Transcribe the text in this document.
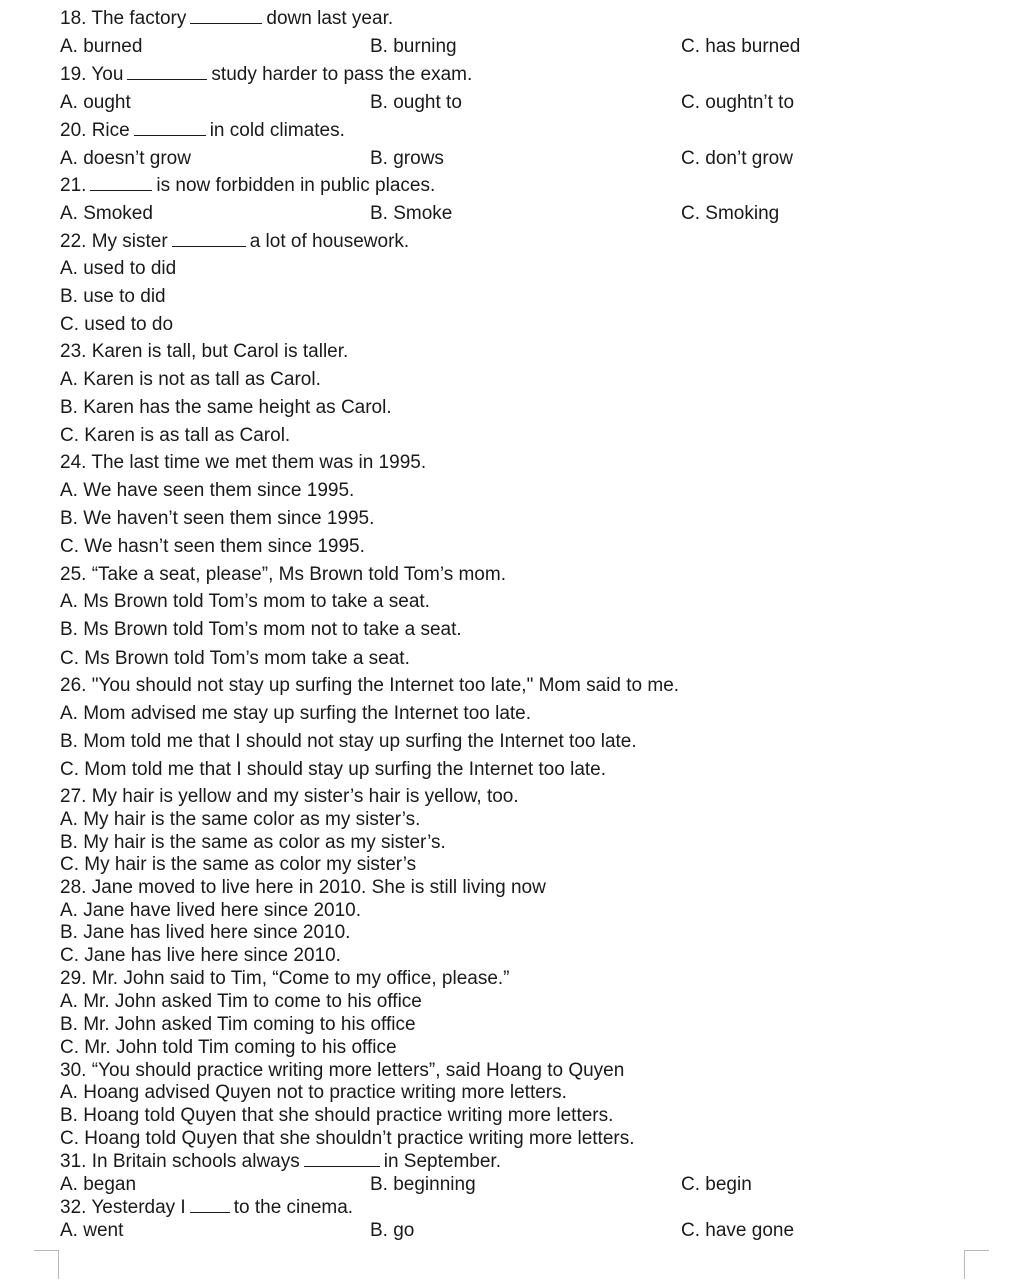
18. The factory	down last year.
A. burned	B. burning	C. has burned
19. You	study harder to pass the exam.
A. ought	B. ought to	C. oughtn’t to
20. Rice	in cold climates.
A. doesn’t grow	B. grows	C. don’t grow
21.	is now forbidden in public places.
A. Smoked	B. Smoke	C. Smoking
22. My sister	a lot of housework.
A. used to did
B. use to did
C. used to do
23. Karen is tall, but Carol is taller.
A. Karen is not as tall as Carol.
B. Karen has the same height as Carol.
C. Karen is as tall as Carol.
24. The last time we met them was in 1995.
A. We have seen them since 1995.
B. We haven’t seen them since 1995.
C. We hasn’t seen them since 1995.
25. “Take a seat, please”, Ms Brown told Tom’s mom.
A. Ms Brown told Tom’s mom to take a seat.
B. Ms Brown told Tom’s mom not to take a seat.
C. Ms Brown told Tom’s mom take a seat.
26. "You should not stay up surfing the Internet too late," Mom said to me.
A. Mom advised me stay up surfing the Internet too late.
B. Mom told me that I should not stay up surfing the Internet too late.
C. Mom told me that I should stay up surfing the Internet too late.
27. My hair is yellow and my sister’s hair is yellow, too.
A. My hair is the same color as my sister’s.
B. My hair is the same as color as my sister’s.
C. My hair is the same as color my sister’s
28. Jane moved to live here in 2010. She is still living now
A. Jane have lived here since 2010.
B. Jane has lived here since 2010.
C. Jane has live here since 2010.
29. Mr. John said to Tim, “Come to my office, please.”
A. Mr. John asked Tim to come to his office
B. Mr. John asked Tim coming to his office
C. Mr. John told Tim coming to his office
30. “You should practice writing more letters”, said Hoang to Quyen
A. Hoang advised Quyen not to practice writing more letters.
B. Hoang told Quyen that she should practice writing more letters.
C. Hoang told Quyen that she shouldn’t practice writing more letters.
31. In Britain schools always	in September.
A. began	B. beginning	C. begin
32. Yesterday I	to the cinema.
A. went	B. go	C. have gone
